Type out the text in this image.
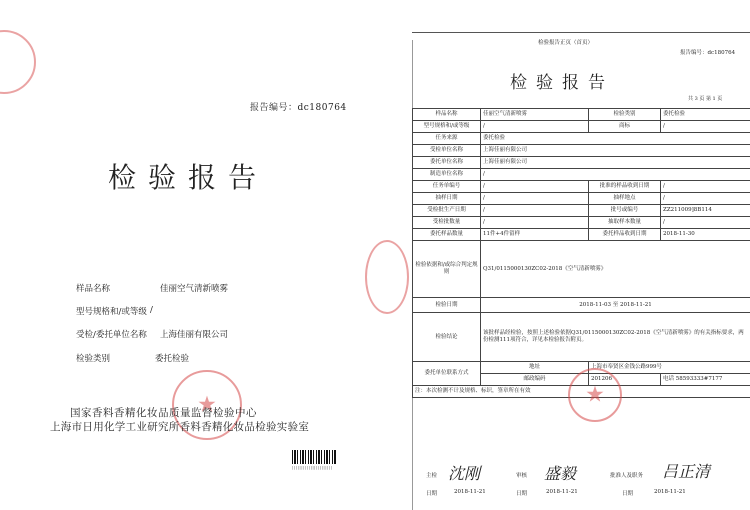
报告编号：dc180764
检验报告
样品名称	佳丽空气清新喷雾
型号规格和/或等级 /
受检/委托单位名称 上海佳丽有限公司
检验类别	委托检验
★
国家香料香精化妆品质量监督检验中心
上海市日用化学工业研究所香料香精化妆品检验实验室
||||||||||||||||||||||
检验报告正页（首页）
报告编号：dc180764
检验报告
共 3 页 第 1 页
样品名称	佳丽空气清新喷雾	检验类别	委托检验
型号规格和/或等级	/	商标	/
任务来源	委托检验		
受检单位名称	上海佳丽有限公司		
委托单位名称	上海佳丽有限公司		
制造单位名称	/		
任务单编号	/	批准的样品收到日期	/
抽样日期	/	抽样地点	/
受检批生产日期	/	批号或编号	ZZ211009]8B114
受检批数量	/	抽取样本数量	/
委托样品数量	11件+4件留样	委托样品收到日期	2018-11-30
检验依据和/或综合判定规则	Q31/0115000130ZC02-2018《空气清新喷雾》		
检验日期	2018-11-03 至 2018-11-21		
检验结论	该批样品经检验，按照上述检验依据Q31/0115000130ZC02-2018《空气清新喷雾》的有关指标要求，两份检测111项符合，详见本检验报告附页。		
委托单位联系方式	地址	上海市奉贤区金钱公路999号	
	邮政编码	201206	电话 58593333#7177
注：本次检测不计及规格、标识，签章所在有效			
★
主检 沈刚	审核 盛毅	批准人及职务 吕正清
日期	2018-11-21	日期	2018-11-21	日期	2018-11-21
